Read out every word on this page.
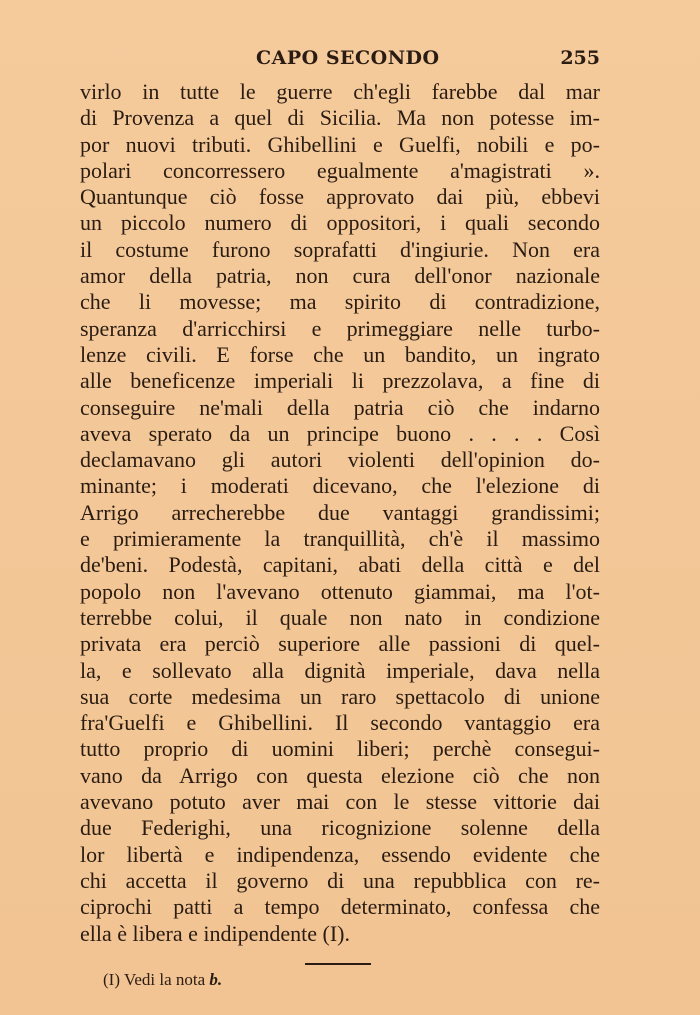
CAPO SECONDO	255
virlo in tutte le guerre ch'egli farebbe dal mar
di Provenza a quel di Sicilia. Ma non potesse im-
por nuovi tributi. Ghibellini e Guelfi, nobili e po-
polari concorressero egualmente a'magistrati ».
Quantunque ciò fosse approvato dai più, ebbevi
un piccolo numero di oppositori, i quali secondo
il costume furono soprafatti d'ingiurie. Non era
amor della patria, non cura dell'onor nazionale
che li movesse; ma spirito di contradizione,
speranza d'arricchirsi e primeggiare nelle turbo-
lenze civili. E forse che un bandito, un ingrato
alle beneficenze imperiali li prezzolava, a fine di
conseguire ne'mali della patria ciò che indarno
aveva sperato da un principe buono . . . . Così
declamavano gli autori violenti dell'opinion do-
minante; i moderati dicevano, che l'elezione di
Arrigo arrecherebbe due vantaggi grandissimi;
e primieramente la tranquillità, ch'è il massimo
de'beni. Podestà, capitani, abati della città e del
popolo non l'avevano ottenuto giammai, ma l'ot-
terrebbe colui, il quale non nato in condizione
privata era perciò superiore alle passioni di quel-
la, e sollevato alla dignità imperiale, dava nella
sua corte medesima un raro spettacolo di unione
fra'Guelfi e Ghibellini. Il secondo vantaggio era
tutto proprio di uomini liberi; perchè consegui-
vano da Arrigo con questa elezione ciò che non
avevano potuto aver mai con le stesse vittorie dai
due Federighi, una ricognizione solenne della
lor libertà e indipendenza, essendo evidente che
chi accetta il governo di una repubblica con re-
ciprochi patti a tempo determinato, confessa che
ella è libera e indipendente (I).
(I) Vedi la nota b.
